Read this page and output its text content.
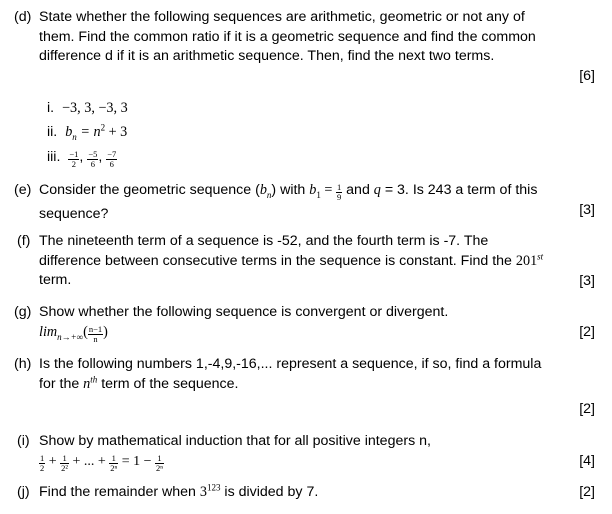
(d) State whether the following sequences are arithmetic, geometric or not any of them. Find the common ratio if it is a geometric sequence and find the common difference d if it is an arithmetic sequence. Then, find the next two terms.

[6]
i. −3, 3, −3, 3
ii. $b_n = n^2 + 3$
iii. $\frac{-1}{2}$ , $\frac{-5}{6}$ , $\frac{-7}{6}$
(e) Consider the geometric sequence $(b_n)$ with $b_1 = \frac{1}{9}$ and q = 3. Is 243 a term of this sequence?	[3]
(f) The nineteenth term of a sequence is -52, and the fourth term is -7. The difference between consecutive terms in the sequence is constant. Find the 201st term.	[3]
(g) Show whether the following sequence is convergent or divergent.

$\lim_{n\to+\infty}( \frac{n-1}{n}$ )	[2]
(h) Is the following numbers 1,-4,9,-16,... represent a sequence, if so, find a formula for the $n^{th}$ term of the sequence.

[2]
(i) Show by mathematical induction that for all positive integers n,

$\frac{1}{2} + \frac{1}{\text{2²}}$ + ... + $\frac{1}{\text{2ⁿ}} = 1 - \frac{1}{\text{2ⁿ}}$	[4]
(j) Find the remainder when $3^{123}$ is divided by 7.	[2]
